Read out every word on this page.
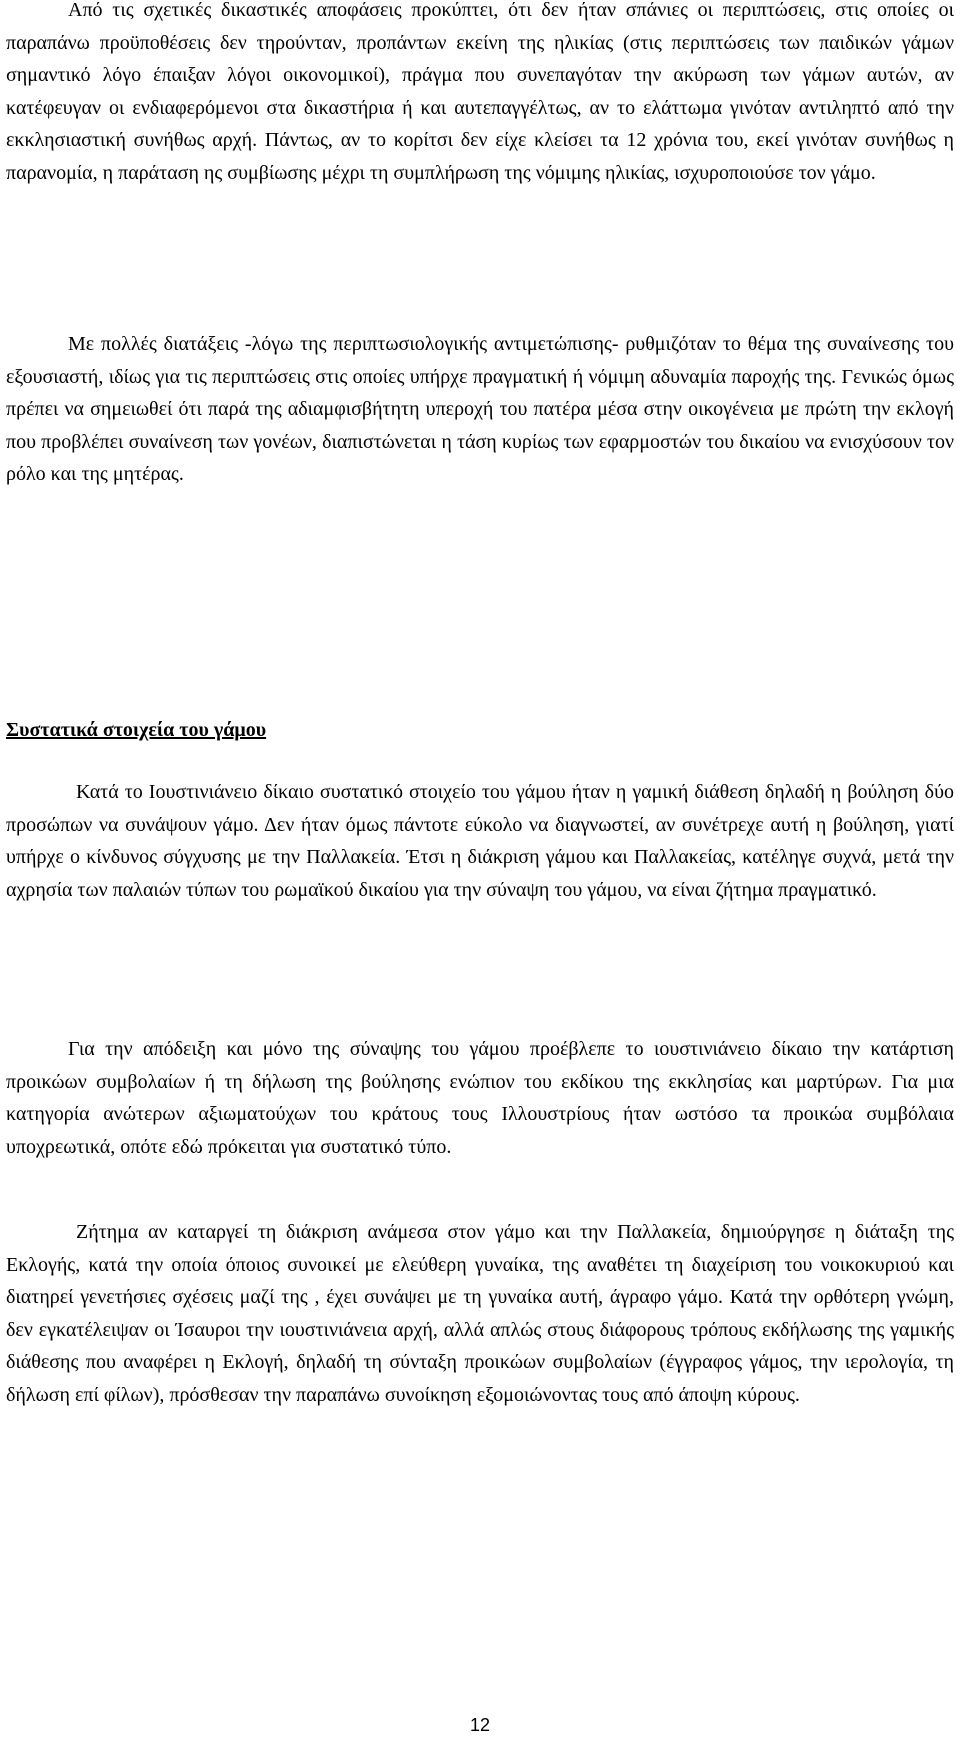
Από τις σχετικές δικαστικές αποφάσεις προκύπτει, ότι δεν ήταν σπάνιες οι περιπτώσεις, στις οποίες οι παραπάνω προϋποθέσεις δεν τηρούνταν, προπάντων εκείνη της ηλικίας (στις περιπτώσεις των παιδικών γάμων σημαντικό λόγο έπαιξαν λόγοι οικονομικοί), πράγμα που συνεπαγόταν την ακύρωση των γάμων αυτών, αν κατέφευγαν οι ενδιαφερόμενοι στα δικαστήρια ή και αυτεπαγγέλτως, αν το ελάττωμα γινόταν αντιληπτό από την εκκλησιαστική συνήθως αρχή. Πάντως, αν το κορίτσι δεν είχε κλείσει τα 12 χρόνια του, εκεί γινόταν συνήθως η παρανομία, η παράταση ης συμβίωσης μέχρι τη συμπλήρωση της νόμιμης ηλικίας, ισχυροποιούσε τον γάμο.

Με πολλές διατάξεις -λόγω της περιπτωσιολογικής αντιμετώπισης- ρυθμιζόταν το θέμα της συναίνεσης του εξουσιαστή, ιδίως για τις περιπτώσεις στις οποίες υπήρχε πραγματική ή νόμιμη αδυναμία παροχής της. Γενικώς όμως πρέπει να σημειωθεί ότι παρά της αδιαμφισβήτητη υπεροχή του πατέρα μέσα στην οικογένεια με πρώτη την εκλογή που προβλέπει συναίνεση των γονέων, διαπιστώνεται η τάση κυρίως των εφαρμοστών του δικαίου να ενισχύσουν τον ρόλο και της μητέρας.

Συστατικά στοιχεία του γάμου

Κατά το Ιουστινιάνειο δίκαιο συστατικό στοιχείο του γάμου ήταν η γαμική διάθεση δηλαδή η βούληση δύο προσώπων να συνάψουν γάμο. Δεν ήταν όμως πάντοτε εύκολο να διαγνωστεί, αν συνέτρεχε αυτή η βούληση, γιατί υπήρχε ο κίνδυνος σύγχυσης με την Παλλακεία. Έτσι η διάκριση γάμου και Παλλακείας, κατέληγε συχνά, μετά την αχρησία των παλαιών τύπων του ρωμαϊκού δικαίου για την σύναψη του γάμου, να είναι ζήτημα πραγματικό.

Για την απόδειξη και μόνο της σύναψης του γάμου προέβλεπε το ιουστινιάνειο δίκαιο την κατάρτιση προικώων συμβολαίων ή τη δήλωση της βούλησης ενώπιον του εκδίκου της εκκλησίας και μαρτύρων. Για μια κατηγορία ανώτερων αξιωματούχων του κράτους τους Ιλλουστρίους ήταν ωστόσο τα προικώα συμβόλαια υποχρεωτικά, οπότε εδώ πρόκειται για συστατικό τύπο.

Ζήτημα αν καταργεί τη διάκριση ανάμεσα στον γάμο και την Παλλακεία, δημιούργησε η διάταξη της Εκλογής, κατά την οποία όποιος συνοικεί με ελεύθερη γυναίκα, της αναθέτει τη διαχείριση του νοικοκυριού και διατηρεί γενετήσιες σχέσεις μαζί της , έχει συνάψει με τη γυναίκα αυτή, άγραφο γάμο. Κατά την ορθότερη γνώμη, δεν εγκατέλειψαν οι Ίσαυροι την ιουστινιάνεια αρχή, αλλά απλώς στους διάφορους τρόπους εκδήλωσης της γαμικής διάθεσης που αναφέρει η Εκλογή, δηλαδή τη σύνταξη προικώων συμβολαίων (έγγραφος γάμος, την ιερολογία, τη δήλωση επί φίλων), πρόσθεσαν την παραπάνω συνοίκηση εξομοιώνοντας τους από άποψη κύρους.

12
